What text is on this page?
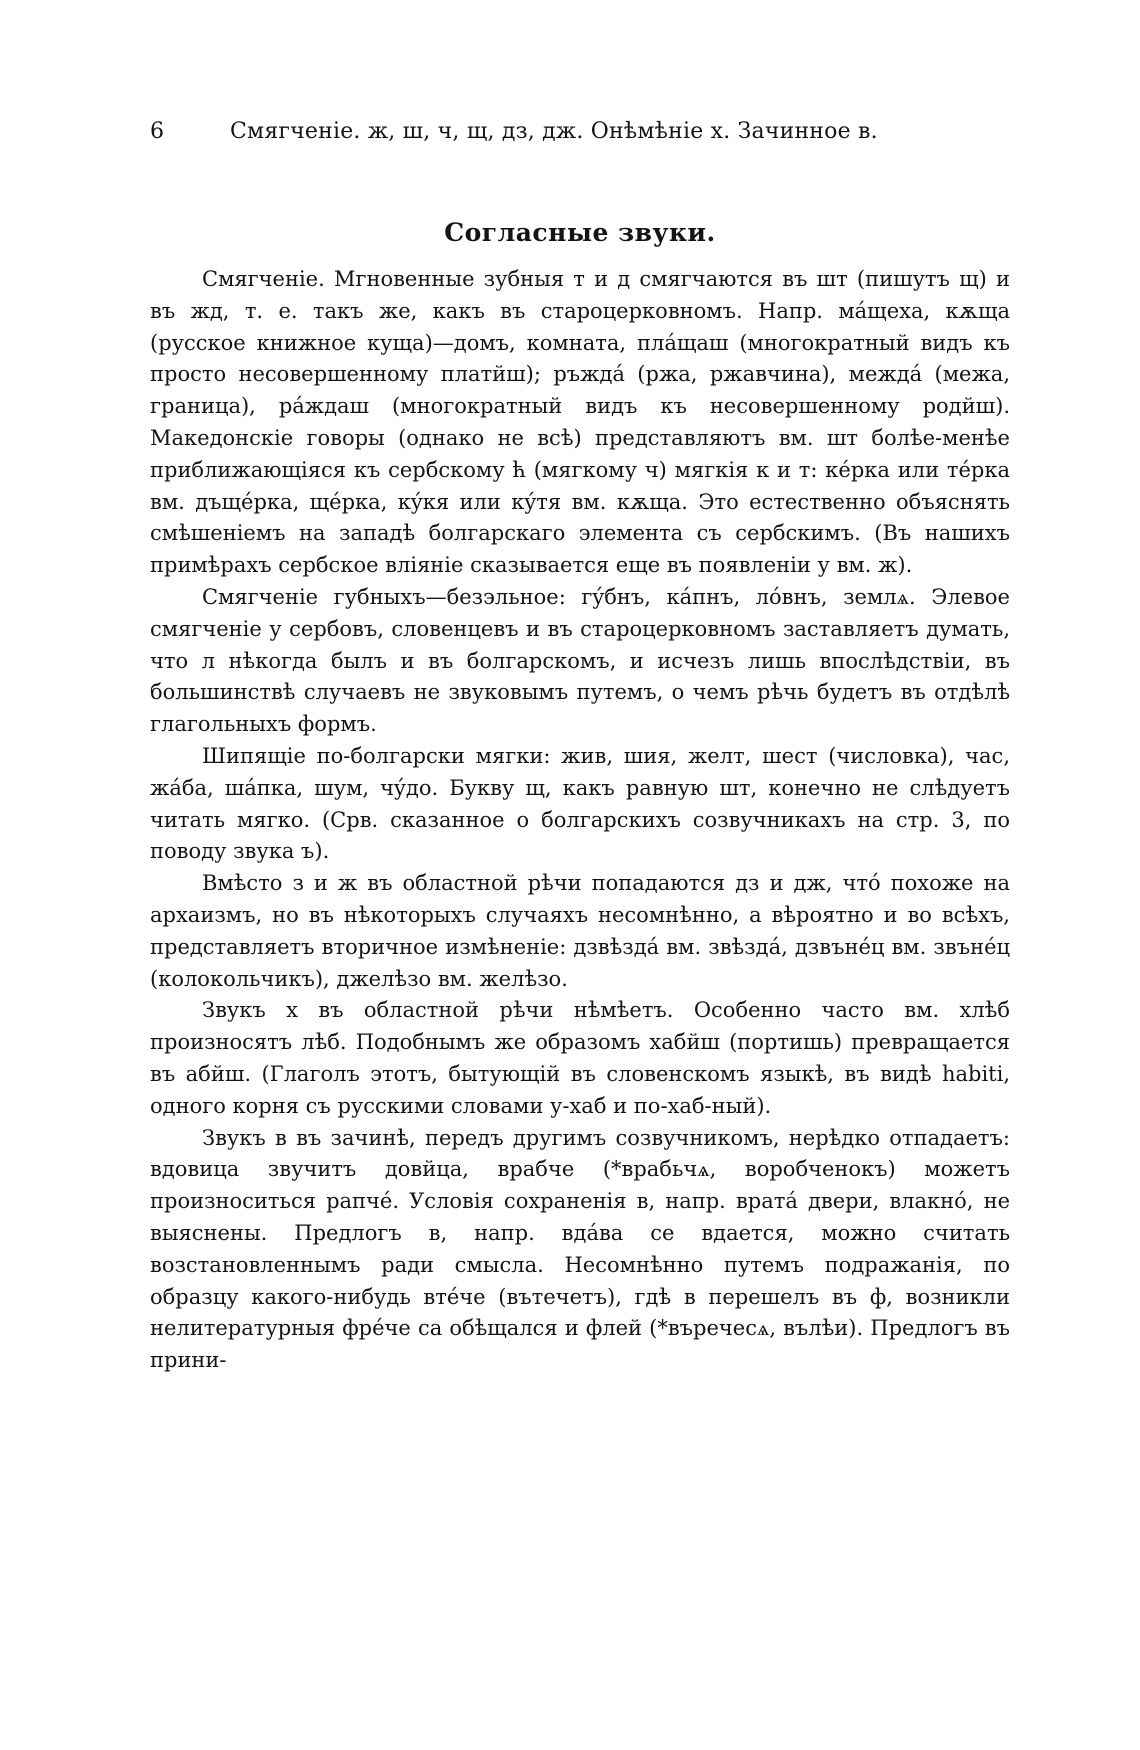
6	Смягченіе. ж, ш, ч, щ, дз, дж. Онѣмѣніе х. Зачинное в.
Согласные звуки.

Смягченіе. Мгновенные зубныя т и д смягчаются въ шт (пишутъ щ) и въ жд, т. е. такъ же, какъ въ староцерковномъ. Напр. мáщеха, кѫща (русское книжное куща)—домъ, комната, плáщаш (многократный видъ къ просто несовершенному платйш); ръждá (ржа, ржавчина), междá (межа, граница), рáждаш (многократный видъ къ несовершенному родйш). Македонскіе говоры (однако не всѣ) представляютъ вм. шт болѣе-менѣе приближающіяся къ сербскому ћ (мягкому ч) мягкія к и т: кéрка или тéрка вм. дъщéрка, щéрка, кýкя или кýтя вм. кѫща. Это естественно объяснять смѣшеніемъ на западѣ болгарскаго элемента съ сербскимъ. (Въ нашихъ примѣрахъ сербское вліяніе сказывается еще въ появленіи у вм. ж).

Смягченіе губныхъ—безэльное: гýбнъ, кáпнъ, лóвнъ, землѧ. Элевое смягченіе у сербовъ, словенцевъ и въ староцерковномъ заставляетъ думать, что л нѣкогда былъ и въ болгарскомъ, и исчезъ лишь впослѣдствіи, въ большинствѣ случаевъ не звуковымъ путемъ, о чемъ рѣчь будетъ въ отдѣлѣ глагольныхъ формъ.

Шипящіе по-болгарски мягки: жив, шия, желт, шест (числовка), час, жáба, шáпка, шум, чýдо. Букву щ, какъ равную шт, конечно не слѣдуетъ читать мягко. (Срв. сказанное о болгарскихъ созвучникахъ на стр. 3, по поводу звука ъ).

Вмѣсто з и ж въ областной рѣчи попадаются дз и дж, чтó похоже на архаизмъ, но въ нѣкоторыхъ случаяхъ несомнѣнно, а вѣроятно и во всѣхъ, представляетъ вторичное измѣненіе: дзвѣздá вм. звѣздá, дзвънéц вм. звънéц (колокольчикъ), джелѣзо вм. желѣзо.

Звукъ х въ областной рѣчи нѣмѣетъ. Особенно часто вм. хлѣб произносятъ лѣб. Подобнымъ же образомъ хабйш (портишь) превращается въ абйш. (Глаголъ этотъ, бытующій въ словенскомъ языкѣ, въ видѣ habiti, одного корня съ русскими словами у-хаб и по-хаб-ный).

Звукъ в въ зачинѣ, передъ другимъ созвучникомъ, нерѣдко отпадаетъ: вдовица звучитъ довйца, врабче (*врабьчѧ, воробченокъ) можетъ произноситься рапчé. Условія сохраненія в, напр. вратá двери, влакнó, не выяснены. Предлогъ в, напр. вдáва се вдается, можно считать возстановленнымъ ради смысла. Несомнѣнно путемъ подражанія, по образцу какого-нибудь втéче (вътечетъ), гдѣ в перешелъ въ ф, возникли нелитературныя фрéче са обѣщался и флей (*въречесѧ, вълѣи). Предлогъ въ прини-
